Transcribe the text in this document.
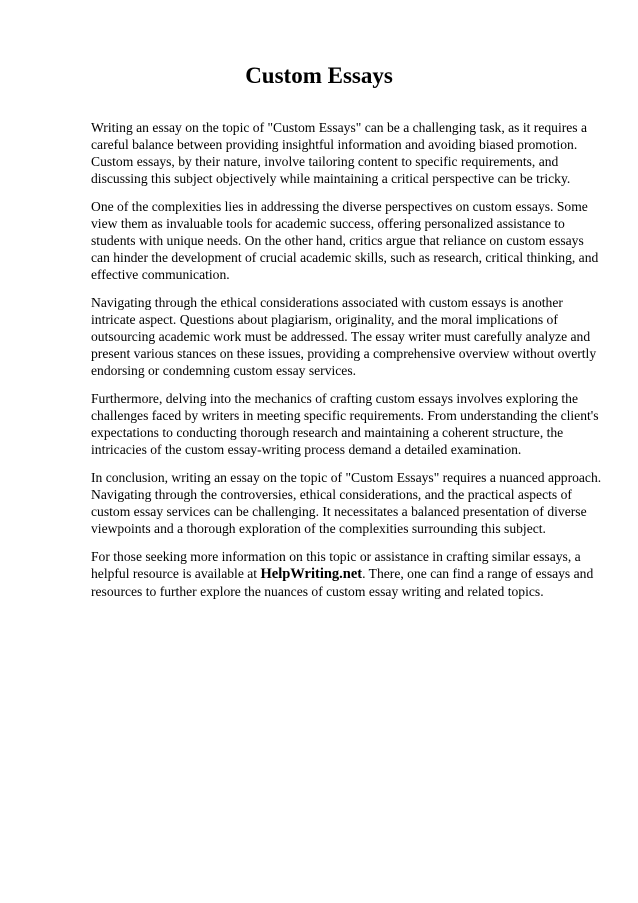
Custom Essays

Writing an essay on the topic of "Custom Essays" can be a challenging task, as it requires a careful balance between providing insightful information and avoiding biased promotion. Custom essays, by their nature, involve tailoring content to specific requirements, and discussing this subject objectively while maintaining a critical perspective can be tricky.

One of the complexities lies in addressing the diverse perspectives on custom essays. Some view them as invaluable tools for academic success, offering personalized assistance to students with unique needs. On the other hand, critics argue that reliance on custom essays can hinder the development of crucial academic skills, such as research, critical thinking, and effective communication.

Navigating through the ethical considerations associated with custom essays is another intricate aspect. Questions about plagiarism, originality, and the moral implications of outsourcing academic work must be addressed. The essay writer must carefully analyze and present various stances on these issues, providing a comprehensive overview without overtly endorsing or condemning custom essay services.

Furthermore, delving into the mechanics of crafting custom essays involves exploring the challenges faced by writers in meeting specific requirements. From understanding the client's expectations to conducting thorough research and maintaining a coherent structure, the intricacies of the custom essay-writing process demand a detailed examination.

In conclusion, writing an essay on the topic of "Custom Essays" requires a nuanced approach. Navigating through the controversies, ethical considerations, and the practical aspects of custom essay services can be challenging. It necessitates a balanced presentation of diverse viewpoints and a thorough exploration of the complexities surrounding this subject.

For those seeking more information on this topic or assistance in crafting similar essays, a helpful resource is available at HelpWriting.net. There, one can find a range of essays and resources to further explore the nuances of custom essay writing and related topics.
